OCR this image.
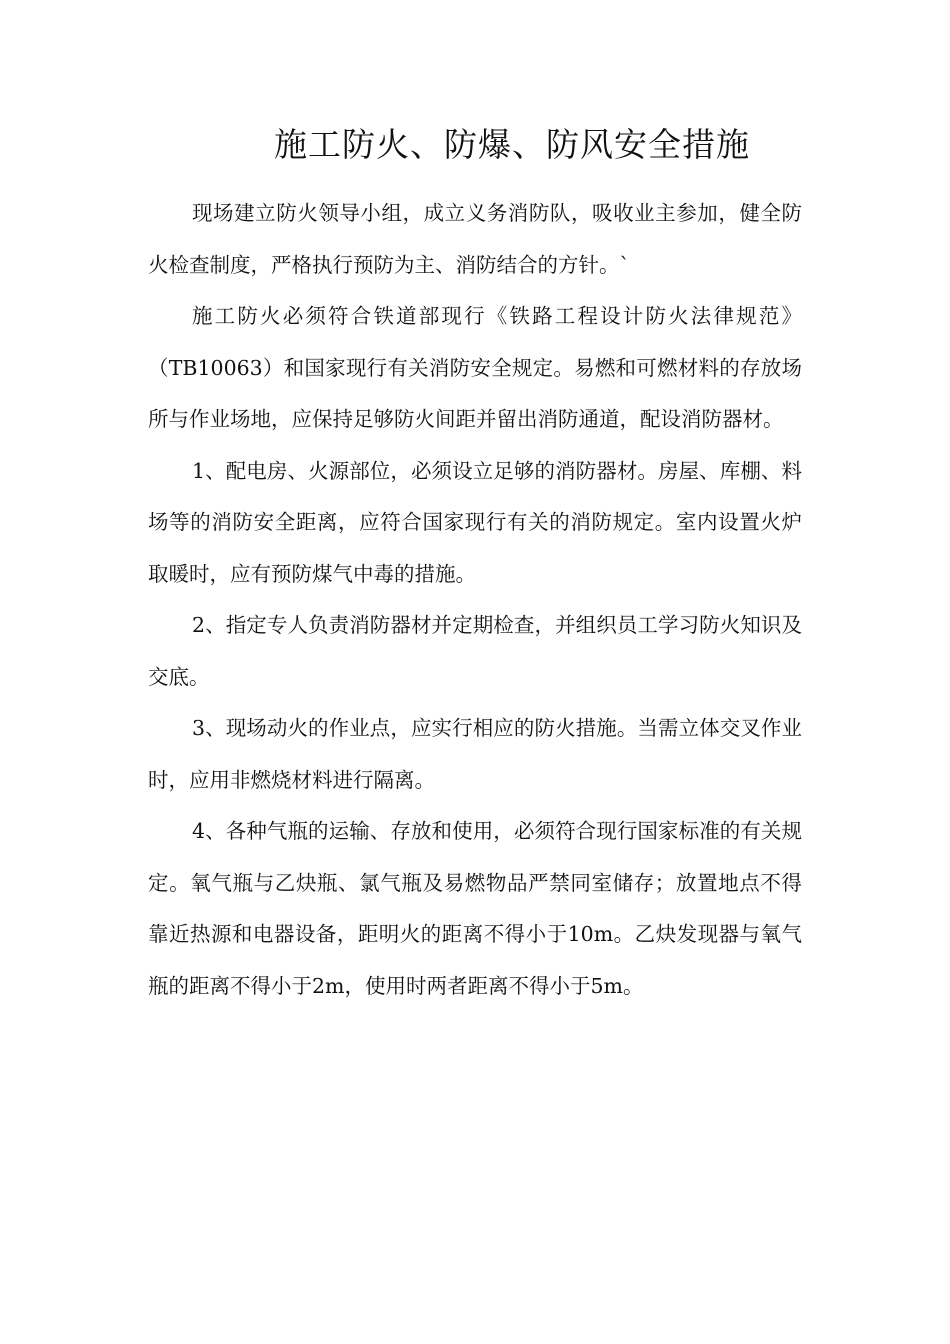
施工防火、防爆、防风安全措施

现场建立防火领导小组，成立义务消防队，吸收业主参加，健全防火检查制度，严格执行预防为主、消防结合的方针。`

施工防火必须符合铁道部现行《铁路工程设计防火法律规范》（TB10063）和国家现行有关消防安全规定。易燃和可燃材料的存放场所与作业场地，应保持足够防火间距并留出消防通道，配设消防器材。

1、配电房、火源部位，必须设立足够的消防器材。房屋、库棚、料场等的消防安全距离，应符合国家现行有关的消防规定。室内设置火炉取暖时，应有预防煤气中毒的措施。

2、指定专人负责消防器材并定期检查，并组织员工学习防火知识及交底。

3、现场动火的作业点，应实行相应的防火措施。当需立体交叉作业时，应用非燃烧材料进行隔离。

4、各种气瓶的运输、存放和使用，必须符合现行国家标准的有关规定。氧气瓶与乙炔瓶、氯气瓶及易燃物品严禁同室储存；放置地点不得靠近热源和电器设备，距明火的距离不得小于10m。乙炔发现器与氧气瓶的距离不得小于2m，使用时两者距离不得小于5m。
